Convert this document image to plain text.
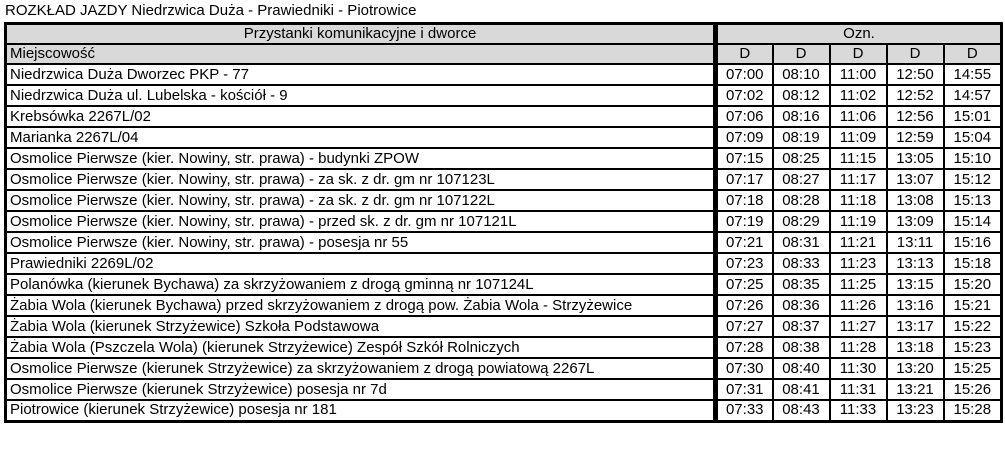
ROZKŁAD JAZDY Niedrzwica Duża - Prawiedniki - Piotrowice
Przystanki komunikacyjne i dworce	Ozn.				
Miejscowość	D	D	D	D	D
Niedrzwica Duża Dworzec PKP - 77	07:00	08:10	11:00	12:50	14:55
Niedrzwica Duża ul. Lubelska - kościół - 9	07:02	08:12	11:02	12:52	14:57
Krebsówka 2267L/02	07:06	08:16	11:06	12:56	15:01
Marianka 2267L/04	07:09	08:19	11:09	12:59	15:04
Osmolice Pierwsze (kier. Nowiny, str. prawa) - budynki ZPOW	07:15	08:25	11:15	13:05	15:10
Osmolice Pierwsze (kier. Nowiny, str. prawa) - za sk. z dr. gm nr 107123L	07:17	08:27	11:17	13:07	15:12
Osmolice Pierwsze (kier. Nowiny, str. prawa) - za sk. z dr. gm nr 107122L	07:18	08:28	11:18	13:08	15:13
Osmolice Pierwsze (kier. Nowiny, str. prawa) - przed sk. z dr. gm nr 107121L	07:19	08:29	11:19	13:09	15:14
Osmolice Pierwsze (kier. Nowiny, str. prawa) - posesja nr 55	07:21	08:31	11:21	13:11	15:16
Prawiedniki 2269L/02	07:23	08:33	11:23	13:13	15:18
Polanówka (kierunek Bychawa) za skrzyżowaniem z drogą gminną nr 107124L	07:25	08:35	11:25	13:15	15:20
Żabia Wola (kierunek Bychawa) przed skrzyżowaniem z drogą pow. Żabia Wola - Strzyżewice	07:26	08:36	11:26	13:16	15:21
Żabia Wola (kierunek Strzyżewice) Szkoła Podstawowa	07:27	08:37	11:27	13:17	15:22
Żabia Wola (Pszczela Wola) (kierunek Strzyżewice) Zespół Szkół Rolniczych	07:28	08:38	11:28	13:18	15:23
Osmolice Pierwsze (kierunek Strzyżewice) za skrzyżowaniem z drogą powiatową 2267L	07:30	08:40	11:30	13:20	15:25
Osmolice Pierwsze (kierunek Strzyżewice) posesja nr 7d	07:31	08:41	11:31	13:21	15:26
Piotrowice (kierunek Strzyżewice) posesja nr 181	07:33	08:43	11:33	13:23	15:28
